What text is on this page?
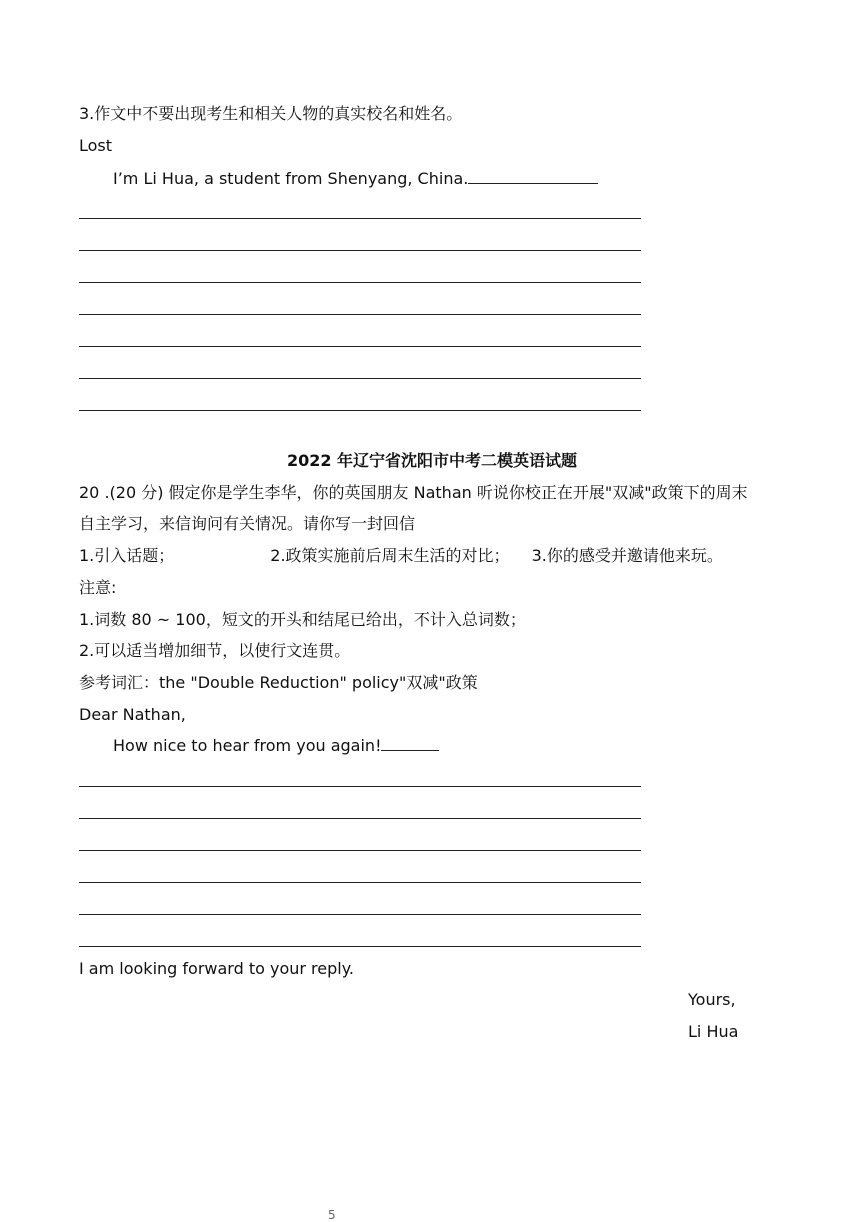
3.作文中不要出现考生和相关人物的真实校名和姓名。
Lost
I’m Li Hua, a student from Shenyang, China.
2022 年辽宁省沈阳市中考二模英语试题
20 .(20 分) 假定你是学生李华，你的英国朋友 Nathan 听说你校正在开展"双减"政策下的周末
自主学习，来信询问有关情况。请你写一封回信
1.引入话题；	2.政策实施前后周末生活的对比； 3.你的感受并邀请他来玩。
注意:
1.词数 80 ~ 100，短文的开头和结尾已给出，不计入总词数；
2.可以适当增加细节，以使行文连贯。
参考词汇：the "Double Reduction" policy"双减"政策
Dear Nathan,
How nice to hear from you again!
I am looking forward to your reply.
Yours,
Li Hua
5
